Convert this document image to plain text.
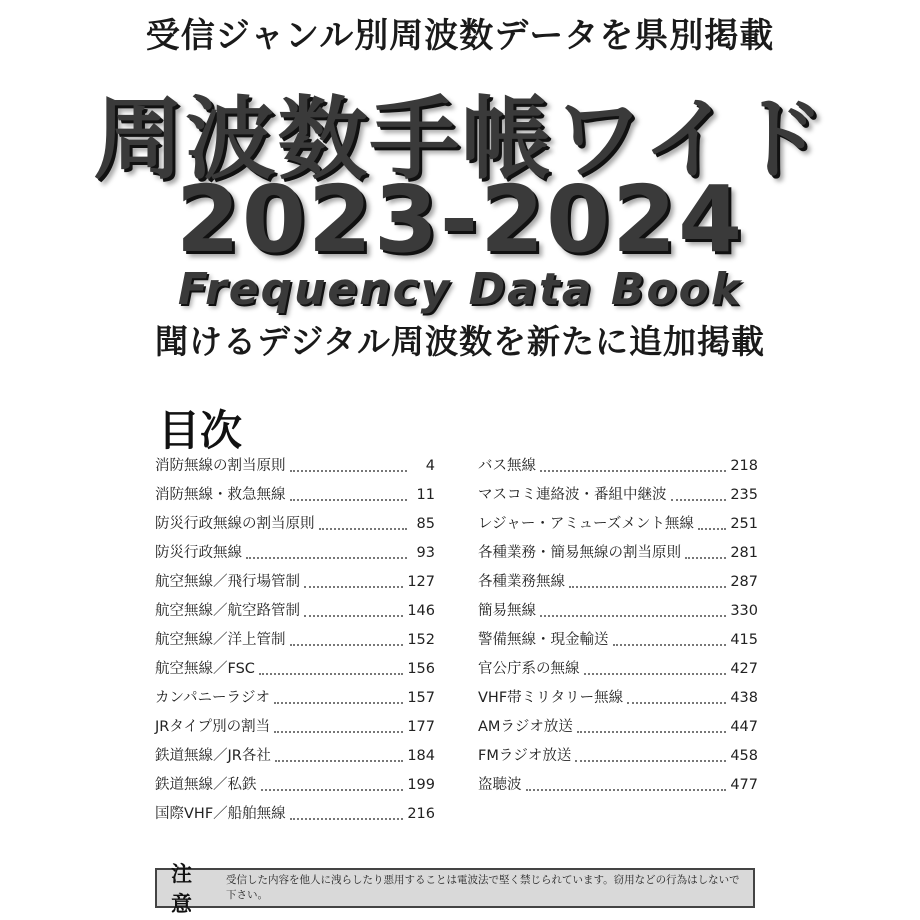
受信ジャンル別周波数データを県別掲載
周波数手帳ワイド
2023-2024
Frequency Data Book
聞けるデジタル周波数を新たに追加掲載
目次
消防無線の割当原則	4
消防無線・救急無線	11
防災行政無線の割当原則	85
防災行政無線	93
航空無線／飛行場管制	127
航空無線／航空路管制	146
航空無線／洋上管制	152
航空無線／FSC	156
カンパニーラジオ	157
JRタイプ別の割当	177
鉄道無線／JR各社	184
鉄道無線／私鉄	199
国際VHF／船舶無線	216
バス無線	218
マスコミ連絡波・番組中継波	235
レジャー・アミューズメント無線	251
各種業務・簡易無線の割当原則	281
各種業務無線	287
簡易無線	330
警備無線・現金輸送	415
官公庁系の無線	427
VHF帯ミリタリー無線	438
AMラジオ放送	447
FMラジオ放送	458
盗聴波	477
注意
受信した内容を他人に洩らしたり悪用することは電波法で堅く禁じられています。窃用などの行為はしないで下さい。
